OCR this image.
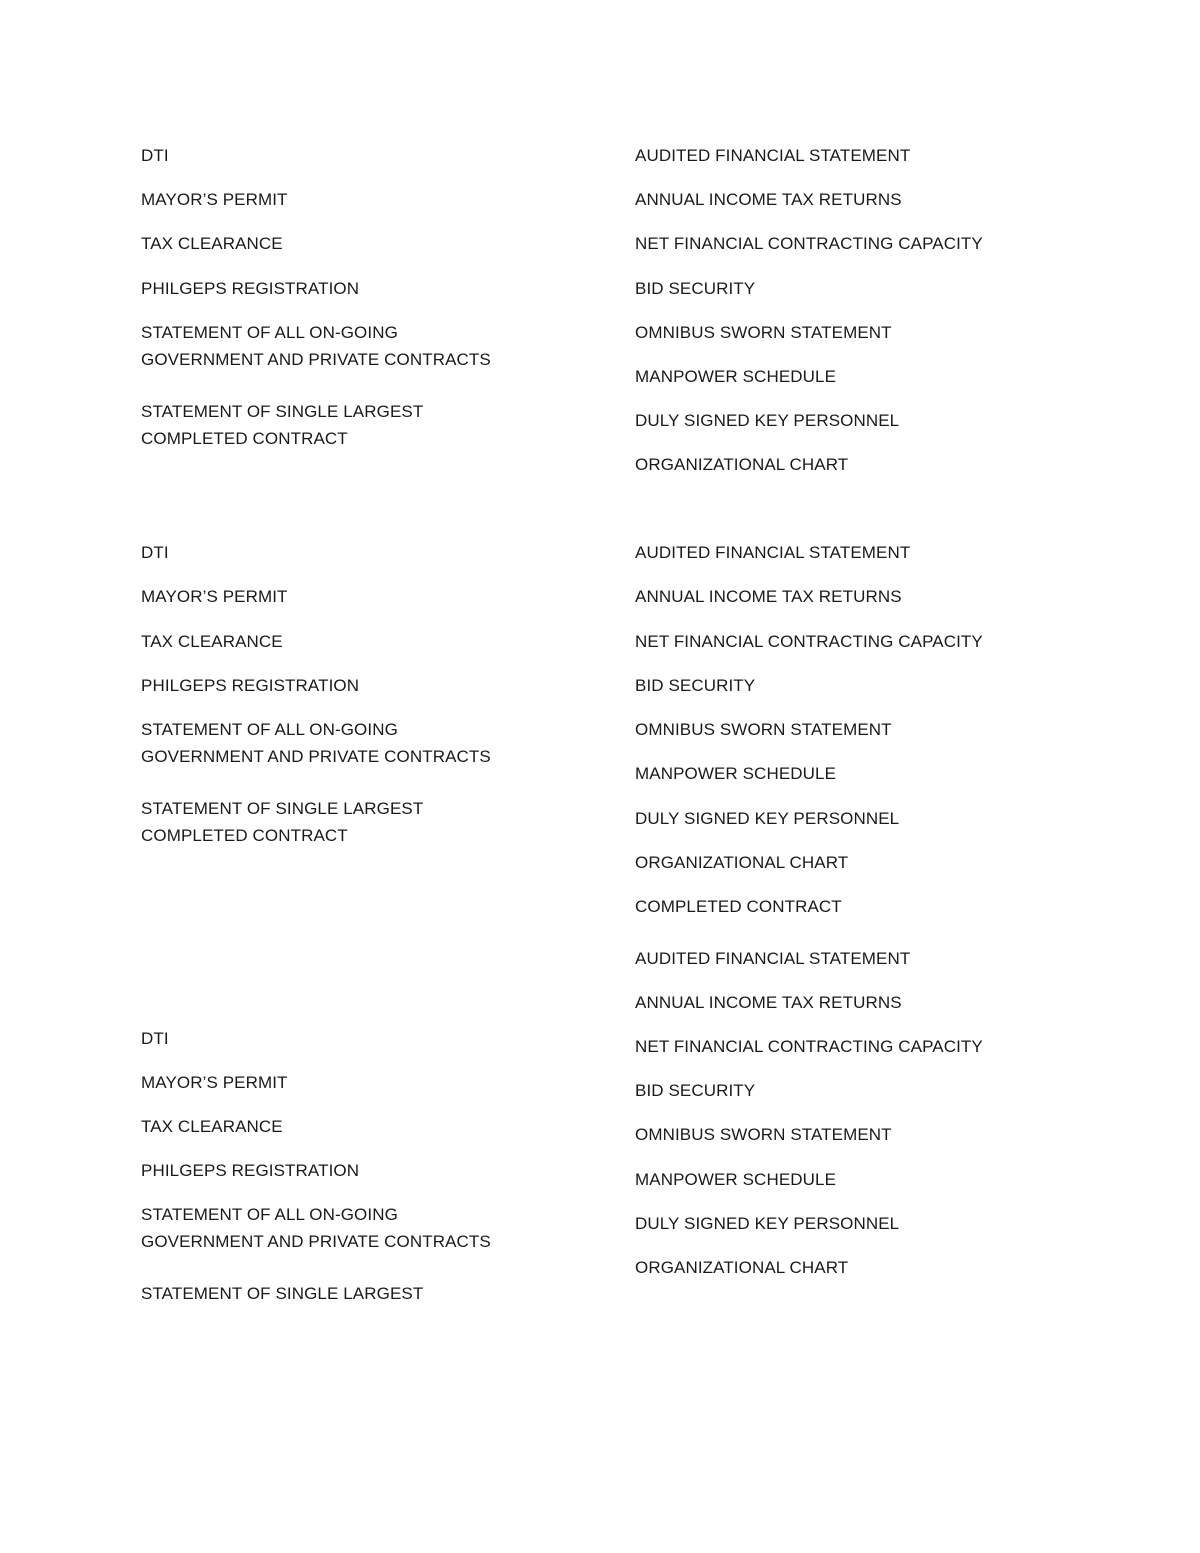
DTI
MAYOR’S PERMIT
TAX CLEARANCE
PHILGEPS REGISTRATION
STATEMENT OF ALL ON-GOING
GOVERNMENT AND PRIVATE CONTRACTS
STATEMENT OF SINGLE LARGEST
COMPLETED CONTRACT
AUDITED FINANCIAL STATEMENT
ANNUAL INCOME TAX RETURNS
NET FINANCIAL CONTRACTING CAPACITY
BID SECURITY
OMNIBUS SWORN STATEMENT
MANPOWER SCHEDULE
DULY SIGNED KEY PERSONNEL
ORGANIZATIONAL CHART
DTI
MAYOR’S PERMIT
TAX CLEARANCE
PHILGEPS REGISTRATION
STATEMENT OF ALL ON-GOING
GOVERNMENT AND PRIVATE CONTRACTS
STATEMENT OF SINGLE LARGEST
COMPLETED CONTRACT
AUDITED FINANCIAL STATEMENT
ANNUAL INCOME TAX RETURNS
NET FINANCIAL CONTRACTING CAPACITY
BID SECURITY
OMNIBUS SWORN STATEMENT
MANPOWER SCHEDULE
DULY SIGNED KEY PERSONNEL
ORGANIZATIONAL CHART
COMPLETED CONTRACT
AUDITED FINANCIAL STATEMENT
ANNUAL INCOME TAX RETURNS
NET FINANCIAL CONTRACTING CAPACITY
BID SECURITY
OMNIBUS SWORN STATEMENT
MANPOWER SCHEDULE
DULY SIGNED KEY PERSONNEL
ORGANIZATIONAL CHART
DTI
MAYOR’S PERMIT
TAX CLEARANCE
PHILGEPS REGISTRATION
STATEMENT OF ALL ON-GOING
GOVERNMENT AND PRIVATE CONTRACTS
STATEMENT OF SINGLE LARGEST
